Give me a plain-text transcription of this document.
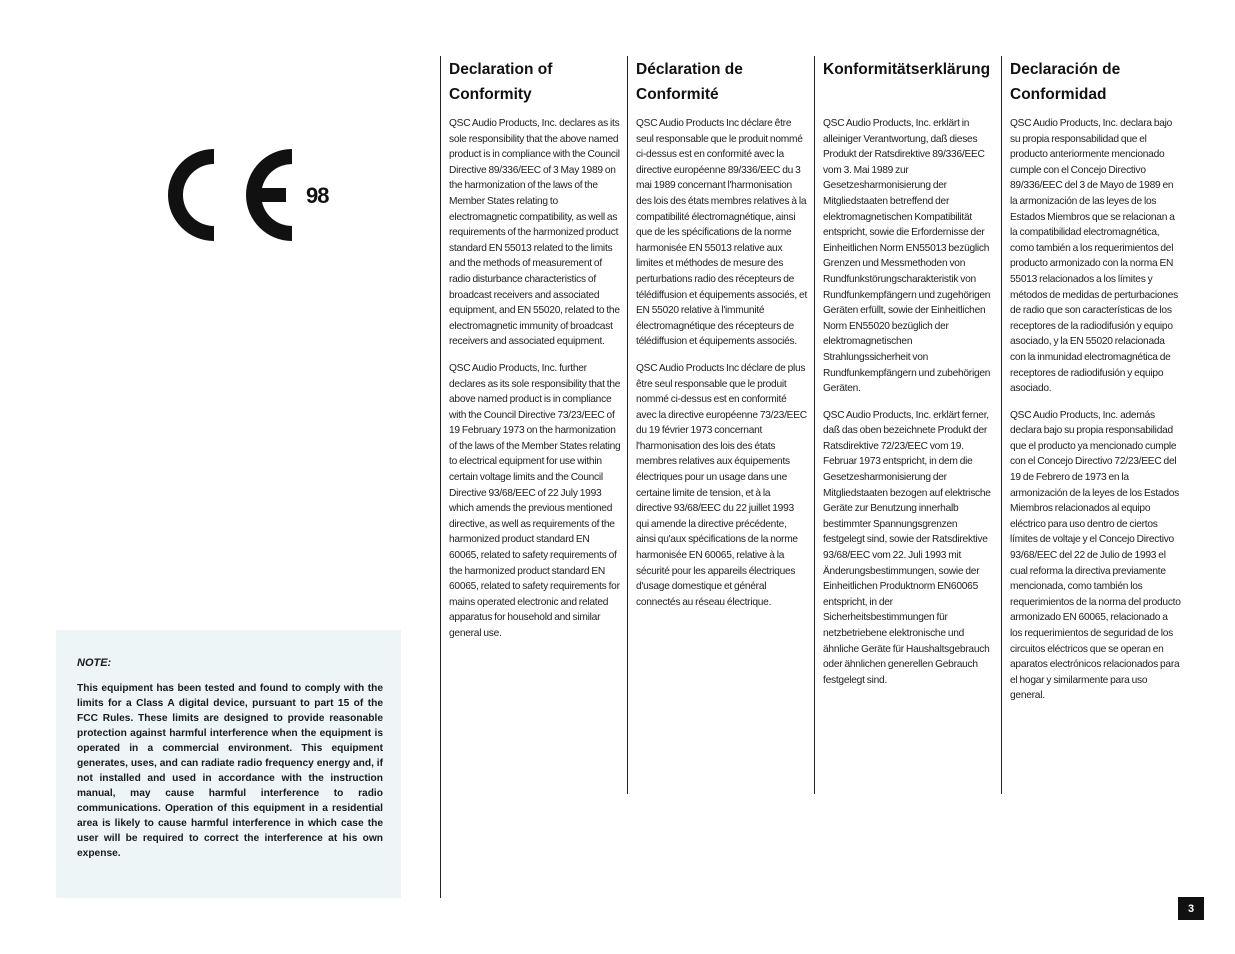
98

NOTE:

This equipment has been tested and found to comply with the limits for a Class A digital device, pursuant to part 15 of the FCC Rules. These limits are designed to provide reasonable protection against harmful interference when the equipment is operated in a commercial environment. This equipment generates, uses, and can radiate radio frequency energy and, if not installed and used in accordance with the instruction manual, may cause harmful interference to radio communications. Operation of this equipment in a residential area is likely to cause harmful interference in which case the user will be required to correct the interference at his own expense.

Declaration of Conformity

QSC Audio Products, Inc. declares as its sole responsibility that the above named product is in compliance with the Council Directive 89/336/EEC of 3 May 1989 on the harmonization of the laws of the Member States relating to electromagnetic compatibility, as well as requirements of the harmonized product standard EN 55013 related to the limits and the methods of measurement of radio disturbance characteristics of broadcast receivers and associated equipment, and EN 55020, related to the electromagnetic immunity of broadcast receivers and associated equipment.

QSC Audio Products, Inc. further declares as its sole responsibility that the above named product is in compliance with the Council Directive 73/23/EEC of 19 February 1973 on the harmonization of the laws of the Member States relating to electrical equipment for use within certain voltage limits and the Council Directive 93/68/EEC of 22 July 1993 which amends the previous mentioned directive, as well as requirements of the harmonized product standard EN 60065, related to safety requirements of the harmonized product standard EN 60065, related to safety requirements for mains operated electronic and related apparatus for household and similar general use.

Déclaration de Conformité

QSC Audio Products Inc déclare être seul responsable que le produit nommé ci-dessus est en conformité avec la directive européenne 89/336/EEC du 3 mai 1989 concernant l'harmonisation des lois des états membres relatives à la compatibilité électromagnétique, ainsi que de les spécifications de la norme harmonisée EN 55013 relative aux limites et méthodes de mesure des perturbations radio des récepteurs de télédiffusion et équipements associés, et EN 55020 relative à l'immunité électromagnétique des récepteurs de télédiffusion et équipements associés.

QSC Audio Products Inc déclare de plus être seul responsable que le produit nommé ci-dessus est en conformité avec la directive européenne 73/23/EEC du 19 février 1973 concernant l'harmonisation des lois des états membres relatives aux équipements électriques pour un usage dans une certaine limite de tension, et à la directive 93/68/EEC du 22 juillet 1993 qui amende la directive précédente, ainsi qu'aux spécifications de la norme harmonisée EN 60065, relative à la sécurité pour les appareils électriques d'usage domestique et général connectés au réseau électrique.

Konformitätserklärung

QSC Audio Products, Inc. erklärt in alleiniger Verantwortung, daß dieses Produkt der Ratsdirektive 89/336/EEC vom 3. Mai 1989 zur Gesetzesharmonisierung der Mitgliedstaaten betreffend der elektromagnetischen Kompatibilität entspricht, sowie die Erfordernisse der Einheitlichen Norm EN55013 bezüglich Grenzen und Messmethoden von Rundfunkstörungscharakteristik von Rundfunkempfängern und zugehörigen Geräten erfüllt, sowie der Einheitlichen Norm EN55020 bezüglich der elektromagnetischen Strahlungssicherheit von Rundfunkempfängern und zubehörigen Geräten.

QSC Audio Products, Inc. erklärt ferner, daß das oben bezeichnete Produkt der Ratsdirektive 72/23/EEC vom 19. Februar 1973 entspricht, in dem die Gesetzesharmonisierung der Mitgliedstaaten bezogen auf elektrische Geräte zur Benutzung innerhalb bestimmter Spannungsgrenzen festgelegt sind, sowie der Ratsdirektive 93/68/EEC vom 22. Juli 1993 mit Änderungsbestimmungen, sowie der Einheitlichen Produktnorm EN60065 entspricht, in der Sicherheitsbestimmungen für netzbetriebene elektronische und ähnliche Geräte für Haushaltsgebrauch oder ähnlichen generellen Gebrauch festgelegt sind.

Declaración de Conformidad

QSC Audio Products, Inc. declara bajo su propia responsabilidad que el producto anteriormente mencionado cumple con el Concejo Directivo 89/336/EEC del 3 de Mayo de 1989 en la armonización de las leyes de los Estados Miembros que se relacionan a la compatibilidad electromagnética, como también a los requerimientos del producto armonizado con la norma EN 55013 relacionados a los límites y métodos de medidas de perturbaciones de radio que son características de los receptores de la radiodifusión y equipo asociado, y la EN 55020 relacionada con la inmunidad electromagnética de receptores de radiodifusión y equipo asociado.

QSC Audio Products, Inc. además declara bajo su propia responsabilidad que el producto ya mencionado cumple con el Concejo Directivo 72/23/EEC del 19 de Febrero de 1973 en la armonización de la leyes de los Estados Miembros relacionados al equipo eléctrico para uso dentro de ciertos límites de voltaje y el Concejo Directivo 93/68/EEC del 22 de Julio de 1993 el cual reforma la directiva previamente mencionada, como también los requerimientos de la norma del producto armonizado EN 60065, relacionado a los requerimientos de seguridad de los circuitos eléctricos que se operan en aparatos electrónicos relacionados para el hogar y similarmente para uso general.

3
